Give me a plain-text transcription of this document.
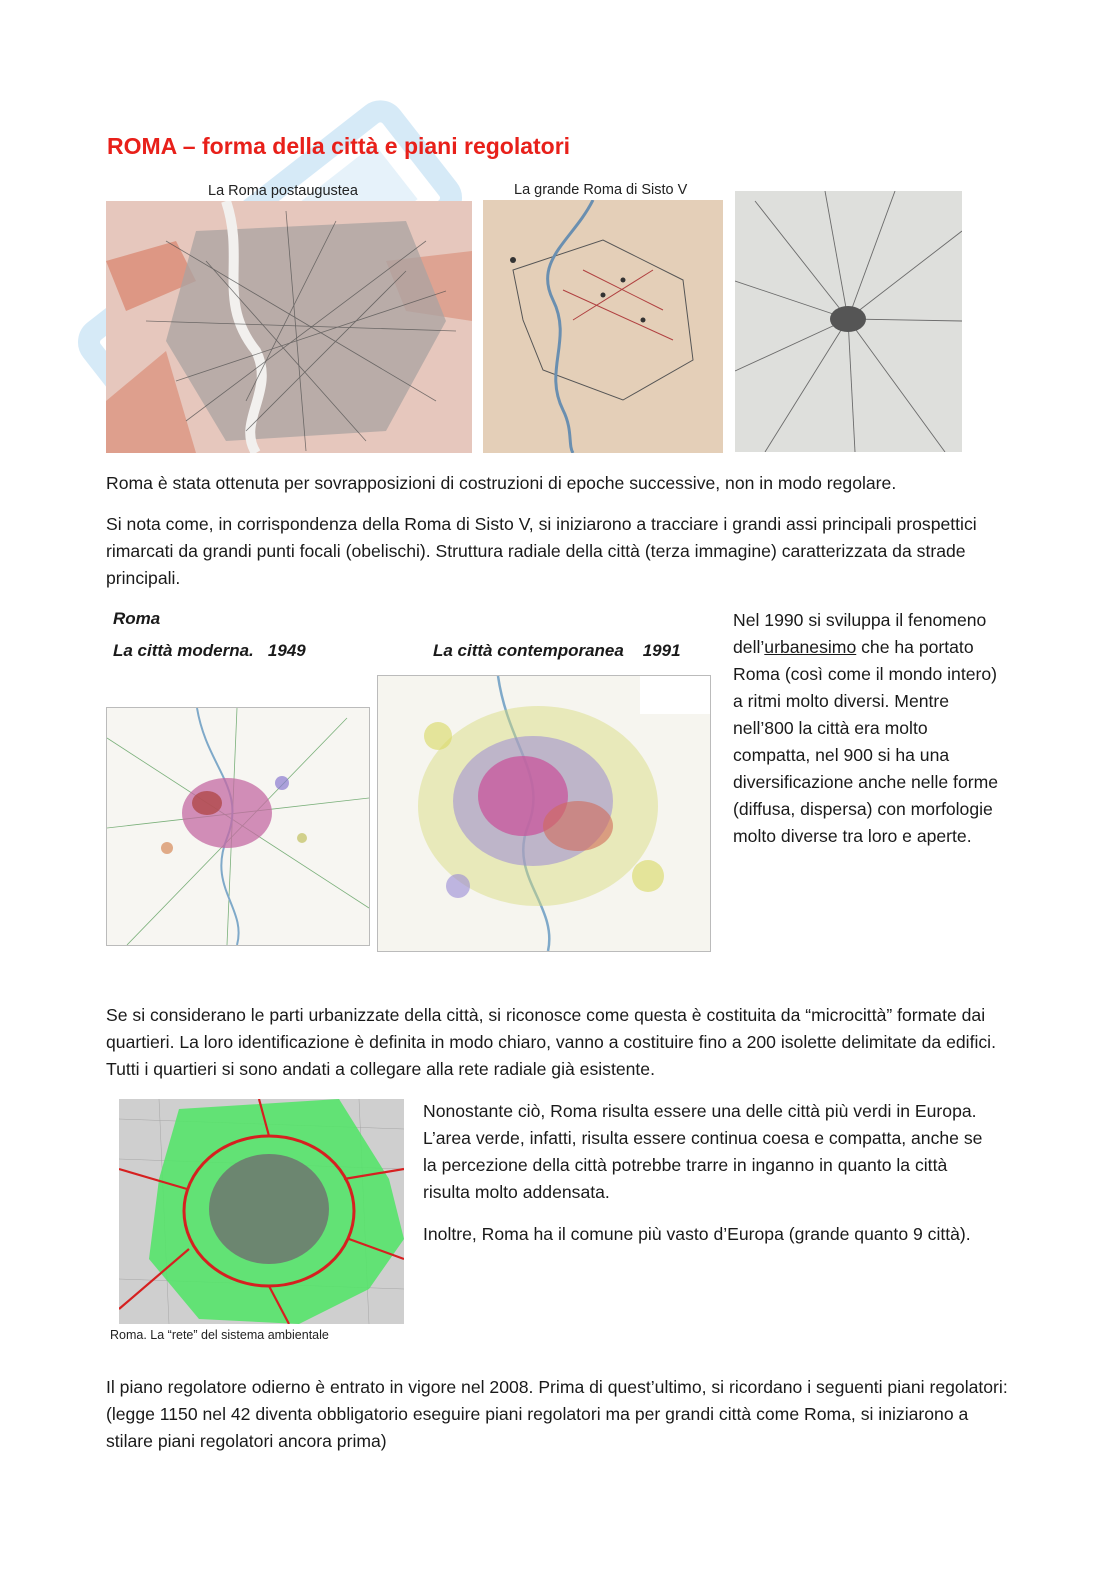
ROMA – forma della città e piani regolatori
La Roma postaugustea	La grande Roma di Sisto V

Roma è stata ottenuta per sovrapposizioni di costruzioni di epoche successive, non in modo regolare.

Si nota come, in corrispondenza della Roma di Sisto V, si iniziarono a tracciare i grandi assi principali prospettici rimarcati da grandi punti focali (obelischi). Struttura radiale della città (terza immagine) caratterizzata da strade principali.

Roma
La città moderna.   1949	La città contemporanea    1991

Nel 1990 si sviluppa il fenomeno dell’urbanesimo che ha portato Roma (così come il mondo intero) a ritmi molto diversi. Mentre nell’800 la città era molto compatta, nel 900 si ha una diversificazione anche nelle forme (diffusa, dispersa) con morfologie molto diverse tra loro e aperte.

Se si considerano le parti urbanizzate della città, si riconosce come questa è costituita da “microcittà” formate dai quartieri. La loro identificazione è definita in modo chiaro, vanno a costituire fino a 200 isolette delimitate da edifici. Tutti i quartieri si sono andati a collegare alla rete radiale già esistente.

Roma. La “rete” del sistema ambientale

Nonostante ciò, Roma risulta essere una delle città più verdi in Europa. L’area verde, infatti, risulta essere continua coesa e compatta, anche se la percezione della città potrebbe trarre in inganno in quanto la città risulta molto addensata.

Inoltre, Roma ha il comune più vasto d’Europa (grande quanto 9 città).

Il piano regolatore odierno è entrato in vigore nel 2008. Prima di quest’ultimo, si ricordano i seguenti piani regolatori: (legge 1150 nel 42 diventa obbligatorio eseguire piani regolatori ma per grandi città come Roma, si iniziarono a stilare piani regolatori ancora prima)
